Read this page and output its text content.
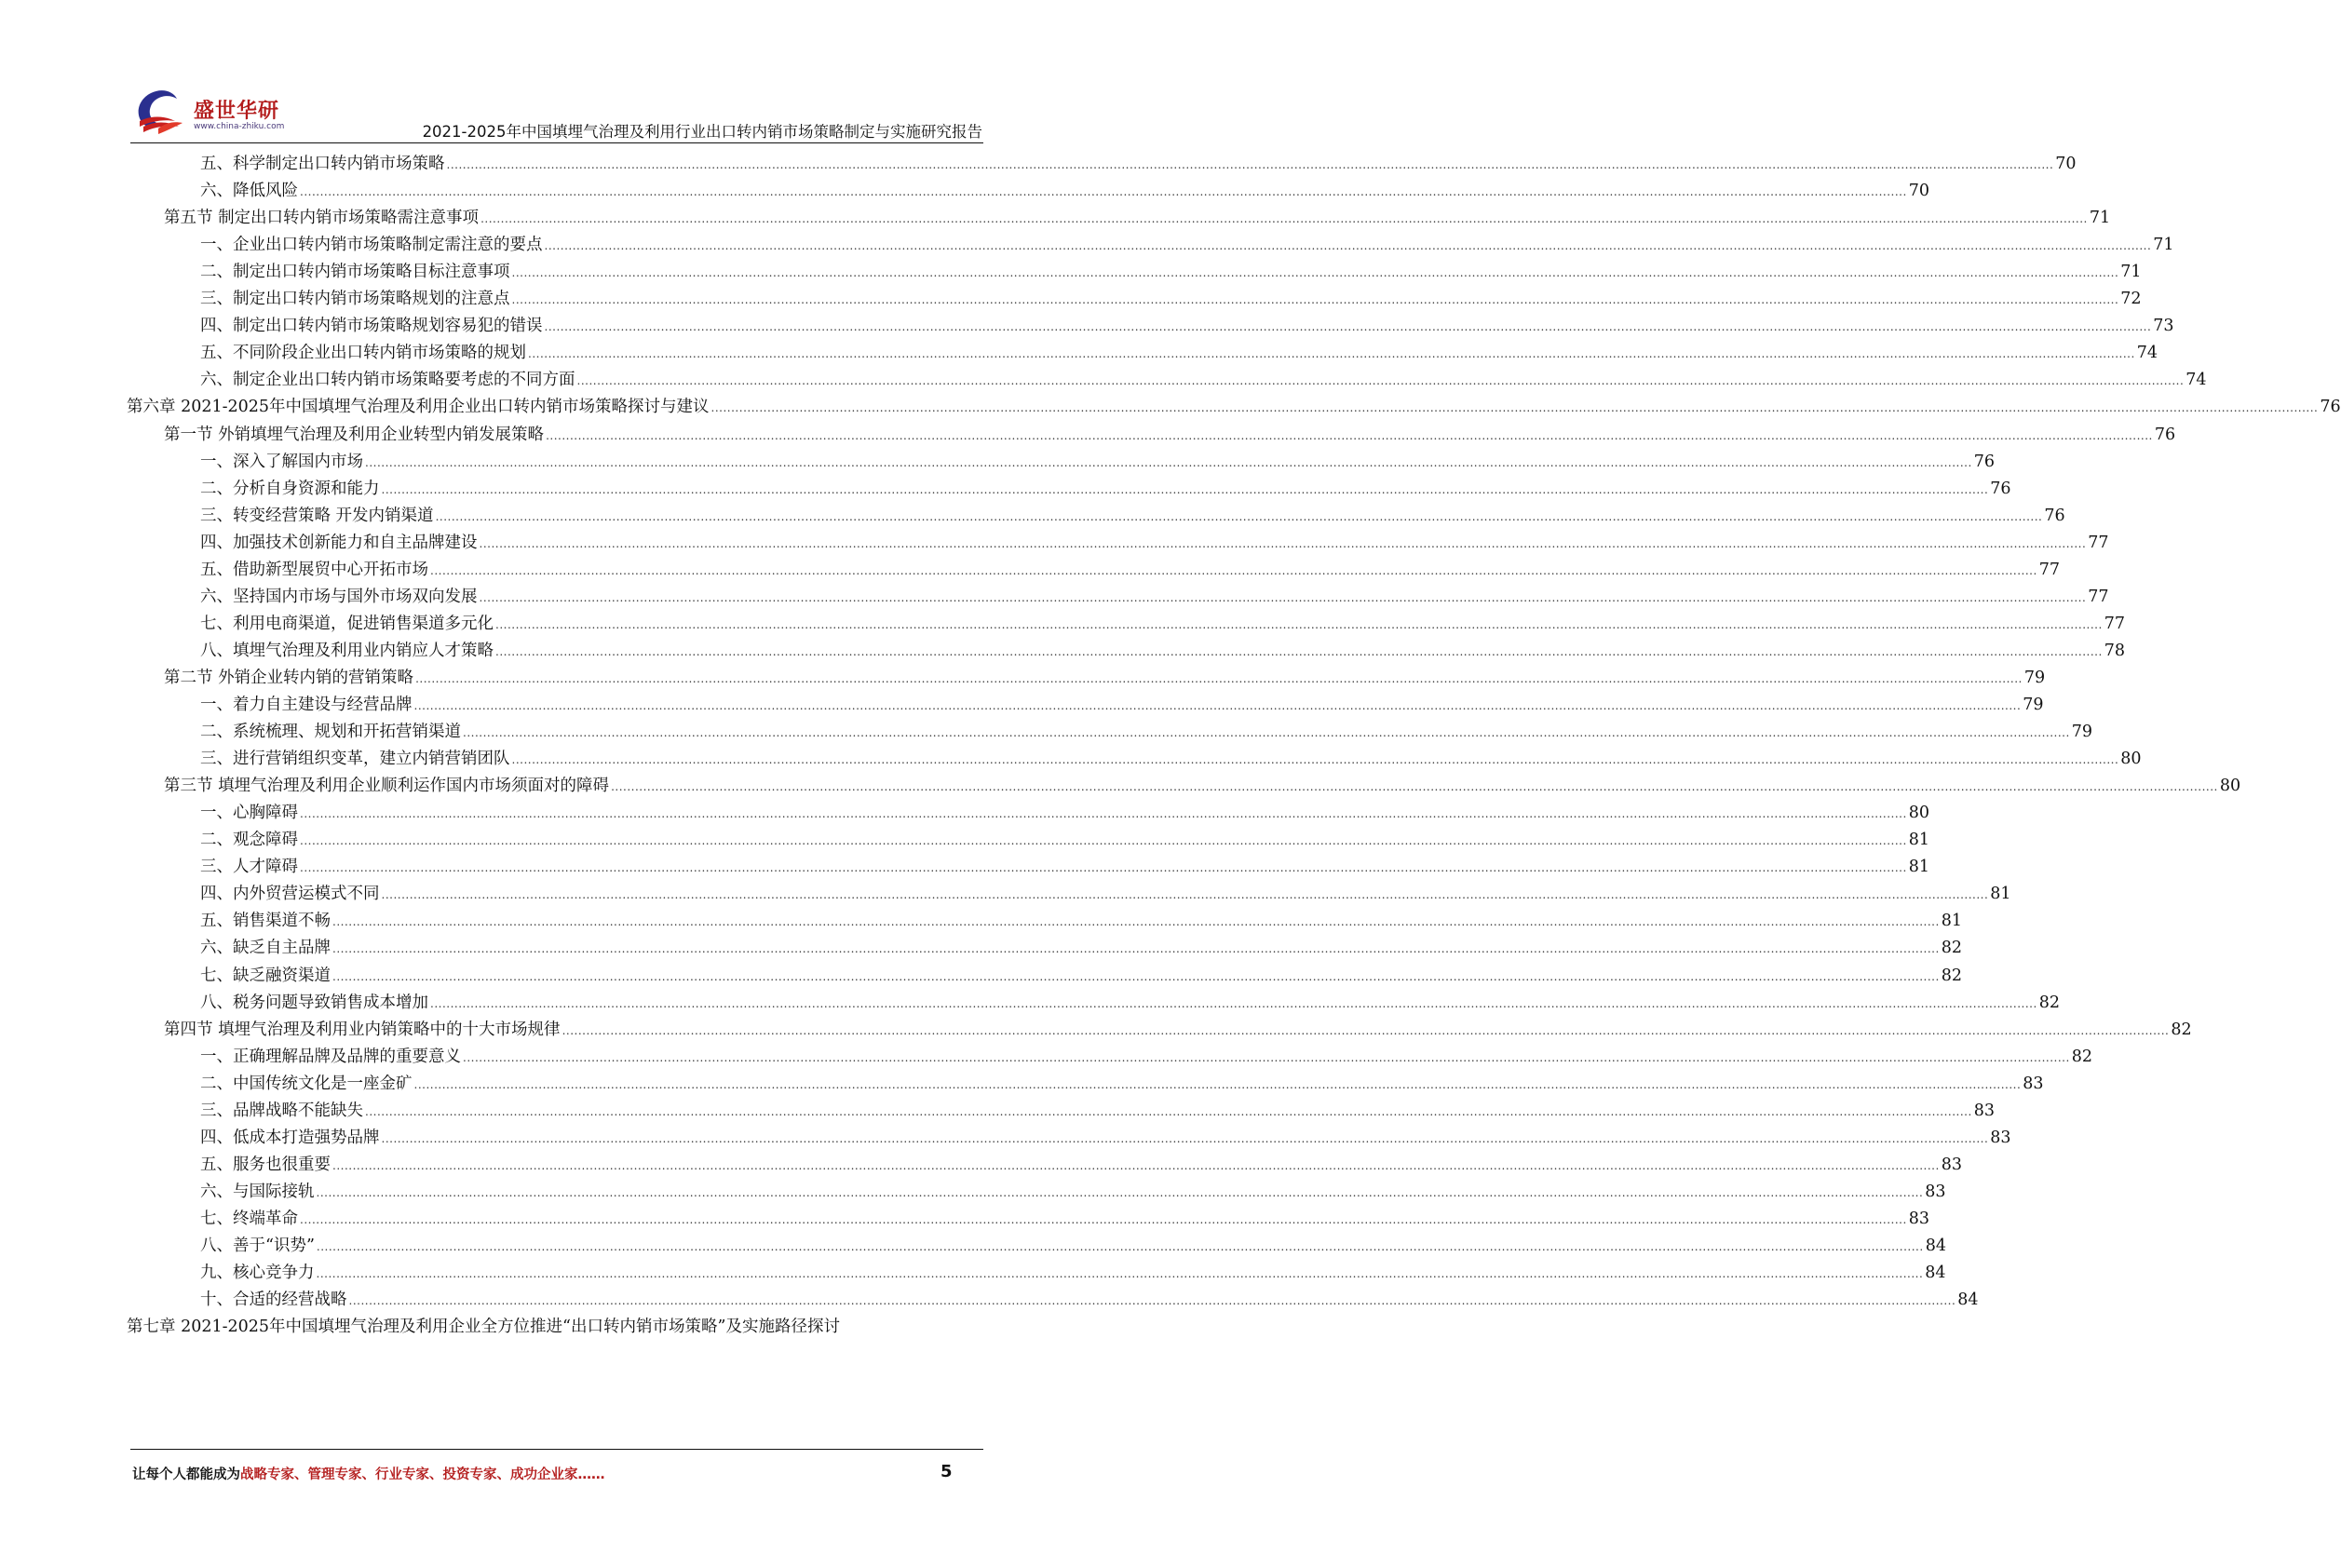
盛世华研
www.china-zhiku.com	2021-2025年中国填埋气治理及利用行业出口转内销市场策略制定与实施研究报告
五、科学制定出口转内销市场策略 ................................................................................................................................................................................................................................................................................................................................................................................................................ 70
六、降低风险 ................................................................................................................................................................................................................................................................................................................................................................................................................ 70
第五节 制定出口转内销市场策略需注意事项 ................................................................................................................................................................................................................................................................................................................................................................................................................ 71
一、企业出口转内销市场策略制定需注意的要点 ................................................................................................................................................................................................................................................................................................................................................................................................................ 71
二、制定出口转内销市场策略目标注意事项 ................................................................................................................................................................................................................................................................................................................................................................................................................ 71
三、制定出口转内销市场策略规划的注意点 ................................................................................................................................................................................................................................................................................................................................................................................................................ 72
四、制定出口转内销市场策略规划容易犯的错误 ................................................................................................................................................................................................................................................................................................................................................................................................................ 73
五、不同阶段企业出口转内销市场策略的规划 ................................................................................................................................................................................................................................................................................................................................................................................................................ 74
六、制定企业出口转内销市场策略要考虑的不同方面 ................................................................................................................................................................................................................................................................................................................................................................................................................ 74
第六章 2021-2025年中国填埋气治理及利用企业出口转内销市场策略探讨与建议 ................................................................................................................................................................................................................................................................................................................................................................................................................ 76
第一节 外销填埋气治理及利用企业转型内销发展策略 ................................................................................................................................................................................................................................................................................................................................................................................................................ 76
一、深入了解国内市场 ................................................................................................................................................................................................................................................................................................................................................................................................................ 76
二、分析自身资源和能力 ................................................................................................................................................................................................................................................................................................................................................................................................................ 76
三、转变经营策略 开发内销渠道 ................................................................................................................................................................................................................................................................................................................................................................................................................ 76
四、加强技术创新能力和自主品牌建设 ................................................................................................................................................................................................................................................................................................................................................................................................................ 77
五、借助新型展贸中心开拓市场 ................................................................................................................................................................................................................................................................................................................................................................................................................ 77
六、坚持国内市场与国外市场双向发展 ................................................................................................................................................................................................................................................................................................................................................................................................................ 77
七、利用电商渠道，促进销售渠道多元化 ................................................................................................................................................................................................................................................................................................................................................................................................................ 77
八、填埋气治理及利用业内销应人才策略 ................................................................................................................................................................................................................................................................................................................................................................................................................ 78
第二节 外销企业转内销的营销策略 ................................................................................................................................................................................................................................................................................................................................................................................................................ 79
一、着力自主建设与经营品牌 ................................................................................................................................................................................................................................................................................................................................................................................................................ 79
二、系统梳理、规划和开拓营销渠道 ................................................................................................................................................................................................................................................................................................................................................................................................................ 79
三、进行营销组织变革，建立内销营销团队 ................................................................................................................................................................................................................................................................................................................................................................................................................ 80
第三节 填埋气治理及利用企业顺利运作国内市场须面对的障碍 ................................................................................................................................................................................................................................................................................................................................................................................................................ 80
一、心胸障碍 ................................................................................................................................................................................................................................................................................................................................................................................................................ 80
二、观念障碍 ................................................................................................................................................................................................................................................................................................................................................................................................................ 81
三、人才障碍 ................................................................................................................................................................................................................................................................................................................................................................................................................ 81
四、内外贸营运模式不同 ................................................................................................................................................................................................................................................................................................................................................................................................................ 81
五、销售渠道不畅 ................................................................................................................................................................................................................................................................................................................................................................................................................ 81
六、缺乏自主品牌 ................................................................................................................................................................................................................................................................................................................................................................................................................ 82
七、缺乏融资渠道 ................................................................................................................................................................................................................................................................................................................................................................................................................ 82
八、税务问题导致销售成本增加 ................................................................................................................................................................................................................................................................................................................................................................................................................ 82
第四节 填埋气治理及利用业内销策略中的十大市场规律 ................................................................................................................................................................................................................................................................................................................................................................................................................ 82
一、正确理解品牌及品牌的重要意义 ................................................................................................................................................................................................................................................................................................................................................................................................................ 82
二、中国传统文化是一座金矿 ................................................................................................................................................................................................................................................................................................................................................................................................................ 83
三、品牌战略不能缺失 ................................................................................................................................................................................................................................................................................................................................................................................................................ 83
四、低成本打造强势品牌 ................................................................................................................................................................................................................................................................................................................................................................................................................ 83
五、服务也很重要 ................................................................................................................................................................................................................................................................................................................................................................................................................ 83
六、与国际接轨 ................................................................................................................................................................................................................................................................................................................................................................................................................ 83
七、终端革命 ................................................................................................................................................................................................................................................................................................................................................................................................................ 83
八、善于“识势” ................................................................................................................................................................................................................................................................................................................................................................................................................ 84
九、核心竞争力 ................................................................................................................................................................................................................................................................................................................................................................................................................ 84
十、合适的经营战略 ................................................................................................................................................................................................................................................................................................................................................................................................................ 84
第七章 2021-2025年中国填埋气治理及利用企业全方位推进“出口转内销市场策略”及实施路径探讨
让每个人都能成为战略专家、管理专家、行业专家、投资专家、成功企业家……	5
